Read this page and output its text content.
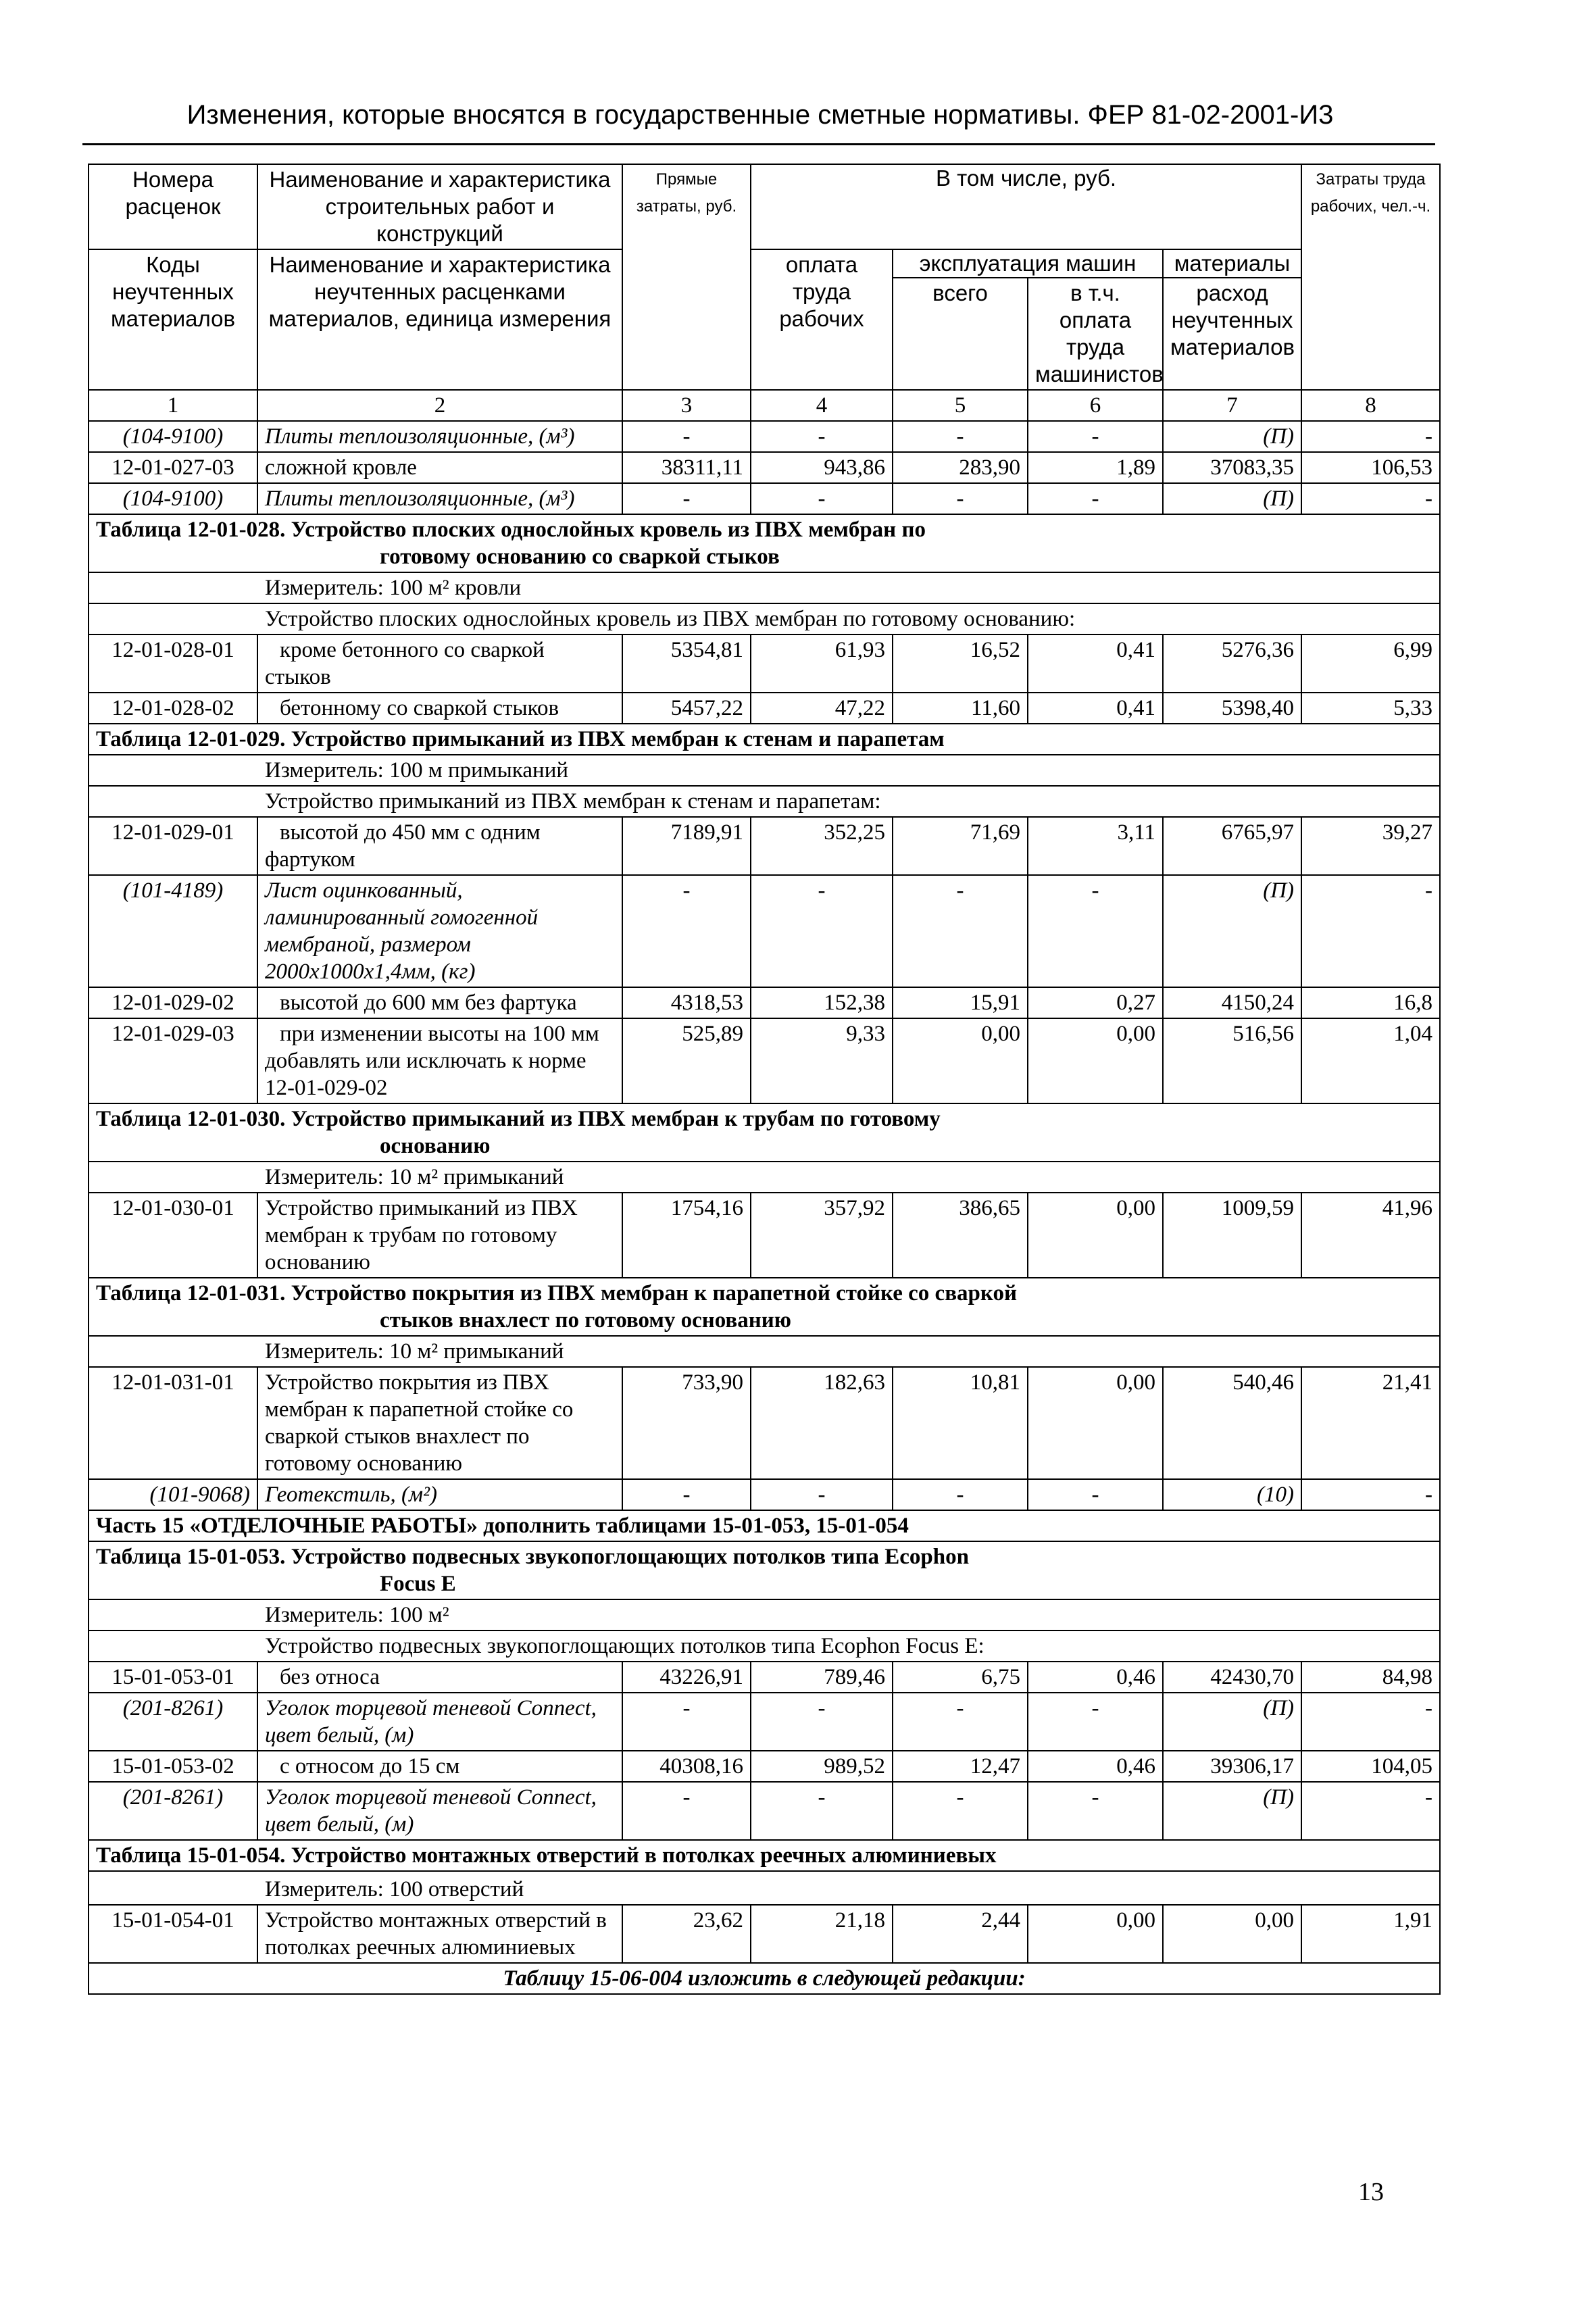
Изменения, которые вносятся в государственные сметные нормативы. ФЕР 81-02-2001-И3
Номера расценок	Наименование и характеристика строительных работ и конструкций	Прямые затраты, руб.	В том числе, руб.				Затраты труда рабочих, чел.-ч.
Коды неучтенных материалов	Наименование и характеристика неучтенных расценками материалов, единица измерения		оплата труда рабочих	эксплуатация машин		материалы	
				всего	в т.ч. оплата труда машинистов	расход неучтенных материалов	
1	2	3	4	5	6	7	8
(104-9100)	Плиты теплоизоляционные, (м³)	-	-	-	-	(П)	-
12-01-027-03	сложной кровле	38311,11	943,86	283,90	1,89	37083,35	106,53
(104-9100)	Плиты теплоизоляционные, (м³)	-	-	-	-	(П)	-
Таблица 12-01-028. Устройство плоских однослойных кровель из ПВХ мембран по
готовому основанию со сваркой стыков							

Измеритель: 100 м² кровли							

Устройство плоских однослойных кровель из ПВХ мембран по готовому основанию:							

12-01-028-01	кроме бетонного со сваркой стыков	5354,81	61,93	16,52	0,41	5276,36	6,99
12-01-028-02	бетонному со сваркой стыков	5457,22	47,22	11,60	0,41	5398,40	5,33
Таблица 12-01-029. Устройство примыканий из ПВХ мембран к стенам и парапетам							

Измеритель: 100 м примыканий							

Устройство примыканий из ПВХ мембран к стенам и парапетам:							

12-01-029-01	высотой до 450 мм с одним фартуком	7189,91	352,25	71,69	3,11	6765,97	39,27
(101-4189)	Лист оцинкованный, ламинированный гомогенной мембраной, размером 2000х1000х1,4мм, (кг)	-	-	-	-	(П)	-
12-01-029-02	высотой до 600 мм без фартука	4318,53	152,38	15,91	0,27	4150,24	16,8
12-01-029-03	при изменении высоты на 100 мм добавлять или исключать к норме 12-01-029-02	525,89	9,33	0,00	0,00	516,56	1,04
Таблица 12-01-030. Устройство примыканий из ПВХ мембран к трубам по готовому
основанию							

Измеритель: 10 м² примыканий							

12-01-030-01	Устройство примыканий из ПВХ мембран к трубам по готовому основанию	1754,16	357,92	386,65	0,00	1009,59	41,96
Таблица 12-01-031. Устройство покрытия из ПВХ мембран к парапетной стойке со сваркой
стыков внахлест по готовому основанию							

Измеритель: 10 м² примыканий							

12-01-031-01	Устройство покрытия из ПВХ мембран к парапетной стойке со сваркой стыков внахлест по готовому основанию	733,90	182,63	10,81	0,00	540,46	21,41
(101-9068)	Геотекстиль, (м²)	-	-	-	-	(10)	-
Часть 15 «ОТДЕЛОЧНЫЕ РАБОТЫ» дополнить таблицами 15-01-053, 15-01-054							
Таблица 15-01-053. Устройство подвесных звукопоглощающих потолков типа Ecophon
Focus E							

Измеритель: 100 м²							

Устройство подвесных звукопоглощающих потолков типа Ecophon Focus E:							

15-01-053-01	без относа	43226,91	789,46	6,75	0,46	42430,70	84,98
(201-8261)	Уголок торцевой теневой Connect, цвет белый, (м)	-	-	-	-	(П)	-
15-01-053-02	с относом до 15 см	40308,16	989,52	12,47	0,46	39306,17	104,05
(201-8261)	Уголок торцевой теневой Connect, цвет белый, (м)	-	-	-	-	(П)	-
Таблица 15-01-054. Устройство монтажных отверстий в потолках реечных алюминиевых							

Измеритель: 100 отверстий							

15-01-054-01	Устройство монтажных отверстий в потолках реечных алюминиевых	23,62	21,18	2,44	0,00	0,00	1,91
Таблицу 15-06-004 изложить в следующей редакции:							
13
